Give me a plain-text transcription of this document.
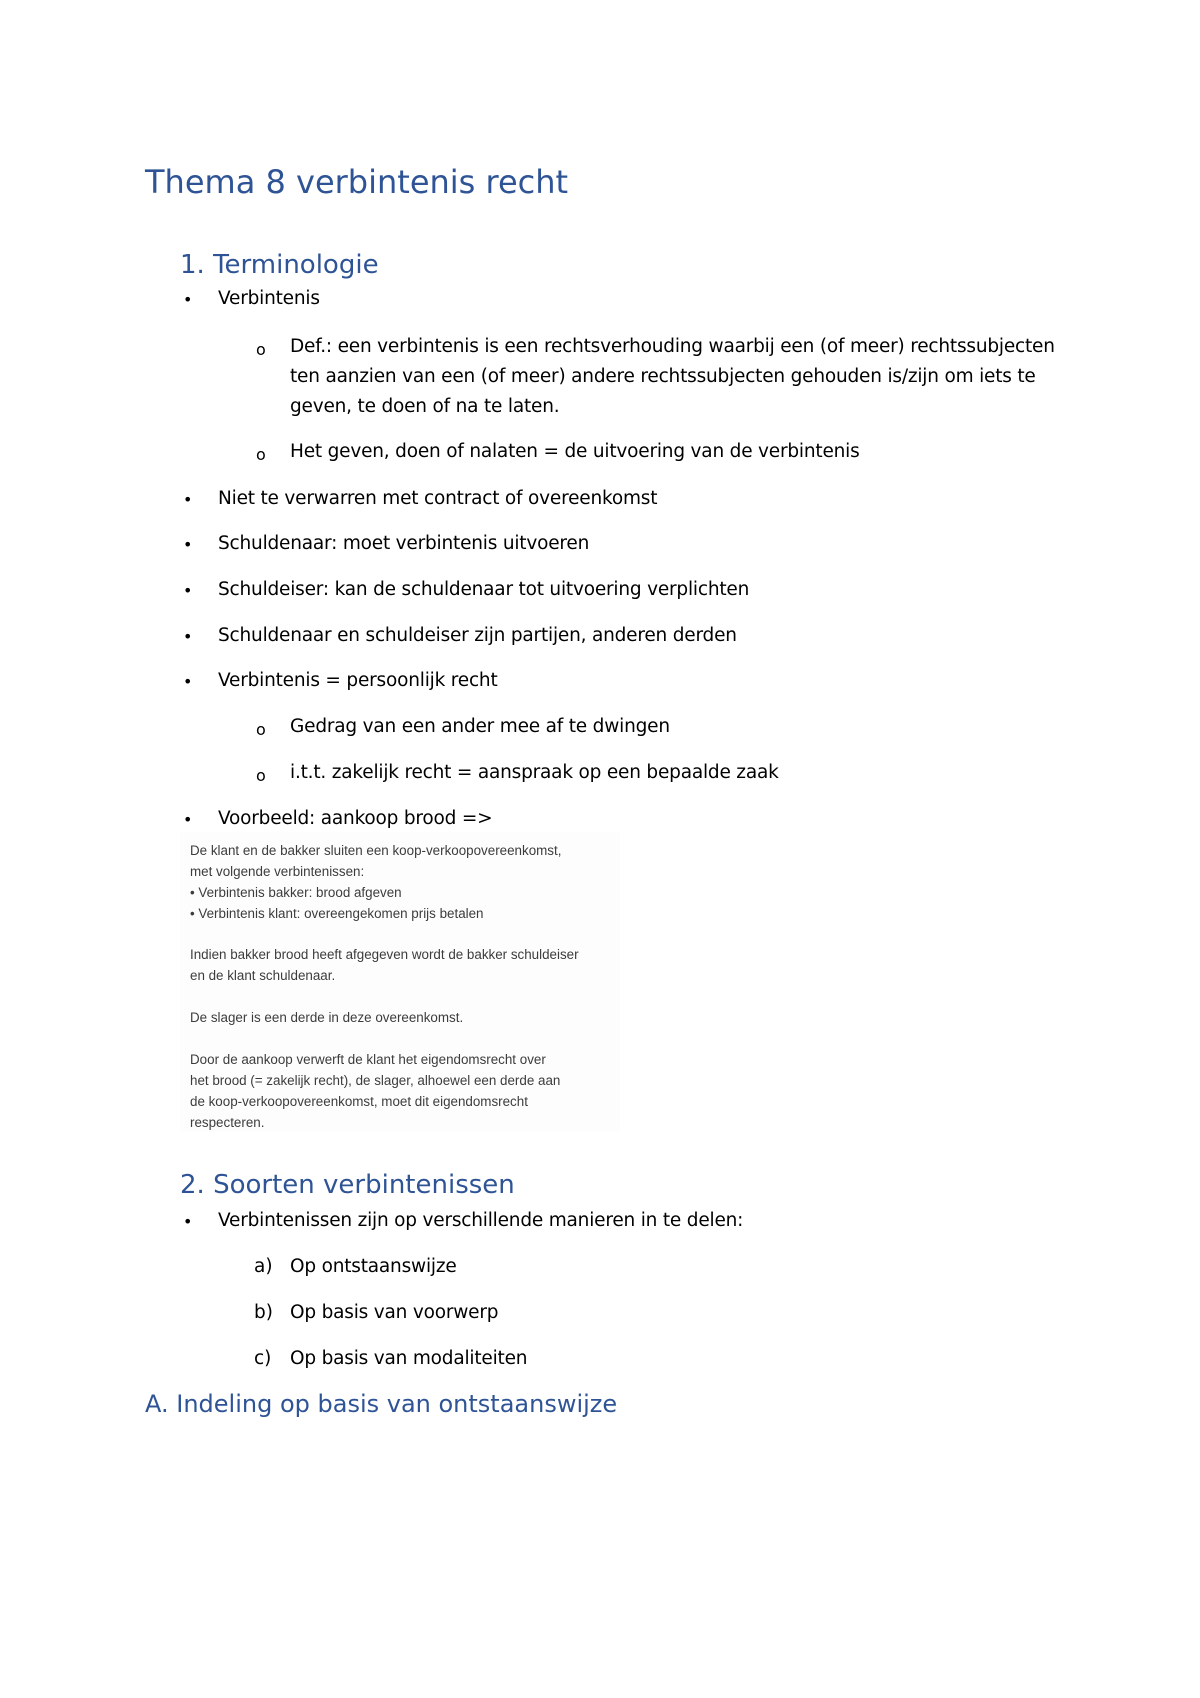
Thema 8 verbintenis recht
1. Terminologie
• Verbintenis
o Def.: een verbintenis is een rechtsverhouding waarbij een (of meer) rechtssubjecten
ten aanzien van een (of meer) andere rechtssubjecten gehouden is/zijn om iets te
geven, te doen of na te laten.
o Het geven, doen of nalaten = de uitvoering van de verbintenis
• Niet te verwarren met contract of overeenkomst
• Schuldenaar: moet verbintenis uitvoeren
• Schuldeiser: kan de schuldenaar tot uitvoering verplichten
• Schuldenaar en schuldeiser zijn partijen, anderen derden
• Verbintenis = persoonlijk recht
o Gedrag van een ander mee af te dwingen
o i.t.t. zakelijk recht = aanspraak op een bepaalde zaak
• Voorbeeld: aankoop brood =>
De klant en de bakker sluiten een koop-verkoopovereenkomst,
met volgende verbintenissen:
• Verbintenis bakker: brood afgeven
• Verbintenis klant: overeengekomen prijs betalen
Indien bakker brood heeft afgegeven wordt de bakker schuldeiser
en de klant schuldenaar.
De slager is een derde in deze overeenkomst.
Door de aankoop verwerft de klant het eigendomsrecht over
het brood (= zakelijk recht), de slager, alhoewel een derde aan
de koop-verkoopovereenkomst, moet dit eigendomsrecht
respecteren.
2. Soorten verbintenissen
• Verbintenissen zijn op verschillende manieren in te delen:
a) Op ontstaanswijze
b) Op basis van voorwerp
c) Op basis van modaliteiten
A. Indeling op basis van ontstaanswijze
